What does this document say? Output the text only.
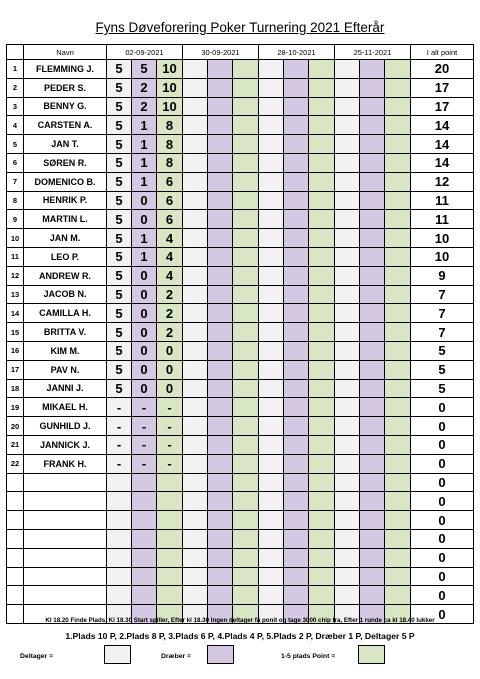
Fyns Døveforering Poker Turnering 2021 Efterår
	Navn	02-09-2021			30-09-2021			28-10-2021			25-11-2021			I alt point
1	FLEMMING J.	5	5	10										20
2	PEDER S.	5	2	10										17
3	BENNY G.	5	2	10										17
4	CARSTEN A.	5	1	8										14
5	JAN T.	5	1	8										14
6	SØREN R.	5	1	8										14
7	DOMENICO B.	5	1	6										12
8	HENRIK P.	5	0	6										11
9	MARTIN L.	5	0	6										11
10	JAN M.	5	1	4										10
11	LEO P.	5	1	4										10
12	ANDREW R.	5	0	4										9
13	JACOB N.	5	0	2										7
14	CAMILLA H.	5	0	2										7
15	BRITTA V.	5	0	2										7
16	KIM M.	5	0	0										5
17	PAV N.	5	0	0										5
18	JANNI J.	5	0	0										5
19	MIKAEL H.	-	-	-										0
20	GUNHILD J.	-	-	-										0
21	JANNICK J.	-	-	-										0
22	FRANK H.	-	-	-										0
														0
														0
														0
														0
														0
														0
														0
														0
Kl 18.20 Finde Plads, Kl 18.30 Start spiller, Efter kl 18.30 Ingen deltager få ponit og tage 3000 chip fra, Efter 1 runde ca kl 18.40 lukker
1.Plads 10 P, 2.Plads 8 P, 3.Plads 6 P, 4.Plads 4 P, 5.Plads 2 P, Dræber 1 P, Deltager 5 P
Deltager =	Dræber =	1-5 plads Point =
